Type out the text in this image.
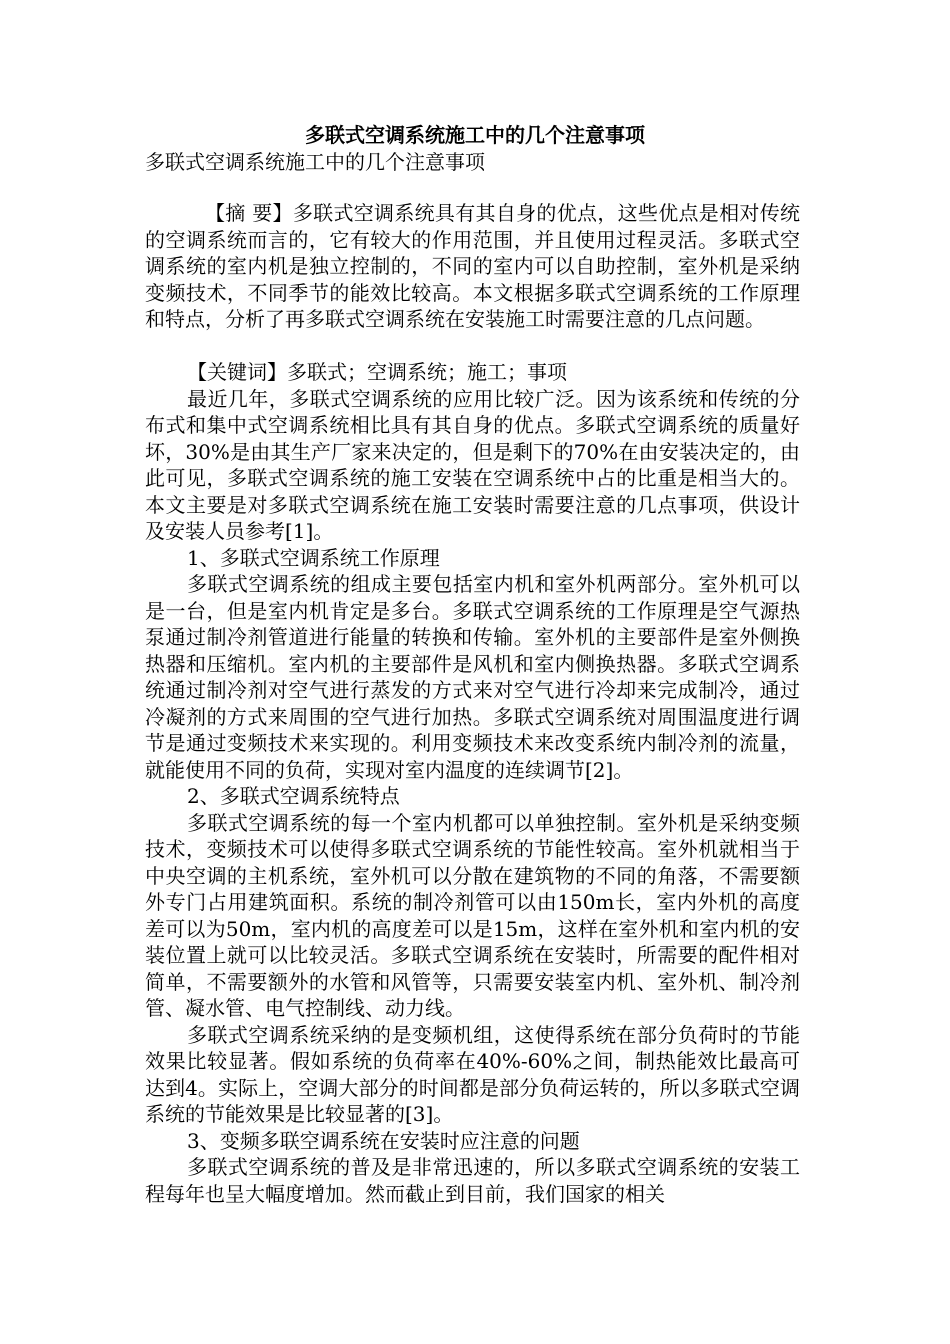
多联式空调系统施工中的几个注意事项
多联式空调系统施工中的几个注意事项

【摘 要】多联式空调系统具有其自身的优点，这些优点是相对传统的空调系统而言的，它有较大的作用范围，并且使用过程灵活。多联式空调系统的室内机是独立控制的，不同的室内可以自助控制，室外机是采纳变频技术，不同季节的能效比较高。本文根据多联式空调系统的工作原理和特点，分析了再多联式空调系统在安装施工时需要注意的几点问题。

【关键词】多联式；空调系统；施工；事项

最近几年，多联式空调系统的应用比较广泛。因为该系统和传统的分布式和集中式空调系统相比具有其自身的优点。多联式空调系统的质量好坏，30%是由其生产厂家来决定的，但是剩下的70%在由安装决定的，由此可见，多联式空调系统的施工安装在空调系统中占的比重是相当大的。本文主要是对多联式空调系统在施工安装时需要注意的几点事项，供设计及安装人员参考[1]。

1、多联式空调系统工作原理

多联式空调系统的组成主要包括室内机和室外机两部分。室外机可以是一台，但是室内机肯定是多台。多联式空调系统的工作原理是空气源热泵通过制冷剂管道进行能量的转换和传输。室外机的主要部件是室外侧换热器和压缩机。室内机的主要部件是风机和室内侧换热器。多联式空调系统通过制冷剂对空气进行蒸发的方式来对空气进行冷却来完成制冷，通过冷凝剂的方式来周围的空气进行加热。多联式空调系统对周围温度进行调节是通过变频技术来实现的。利用变频技术来改变系统内制冷剂的流量，就能使用不同的负荷，实现对室内温度的连续调节[2]。

2、多联式空调系统特点

多联式空调系统的每一个室内机都可以单独控制。室外机是采纳变频技术，变频技术可以使得多联式空调系统的节能性较高。室外机就相当于中央空调的主机系统，室外机可以分散在建筑物的不同的角落，不需要额外专门占用建筑面积。系统的制冷剂管可以由150m长，室内外机的高度差可以为50m，室内机的高度差可以是15m，这样在室外机和室内机的安装位置上就可以比较灵活。多联式空调系统在安装时，所需要的配件相对简单，不需要额外的水管和风管等，只需要安装室内机、室外机、制冷剂管、凝水管、电气控制线、动力线。

多联式空调系统采纳的是变频机组，这使得系统在部分负荷时的节能效果比较显著。假如系统的负荷率在40%-60%之间，制热能效比最高可达到4。实际上，空调大部分的时间都是部分负荷运转的，所以多联式空调系统的节能效果是比较显著的[3]。

3、变频多联空调系统在安装时应注意的问题

多联式空调系统的普及是非常迅速的，所以多联式空调系统的安装工程每年也呈大幅度增加。然而截止到目前，我们国家的相关
